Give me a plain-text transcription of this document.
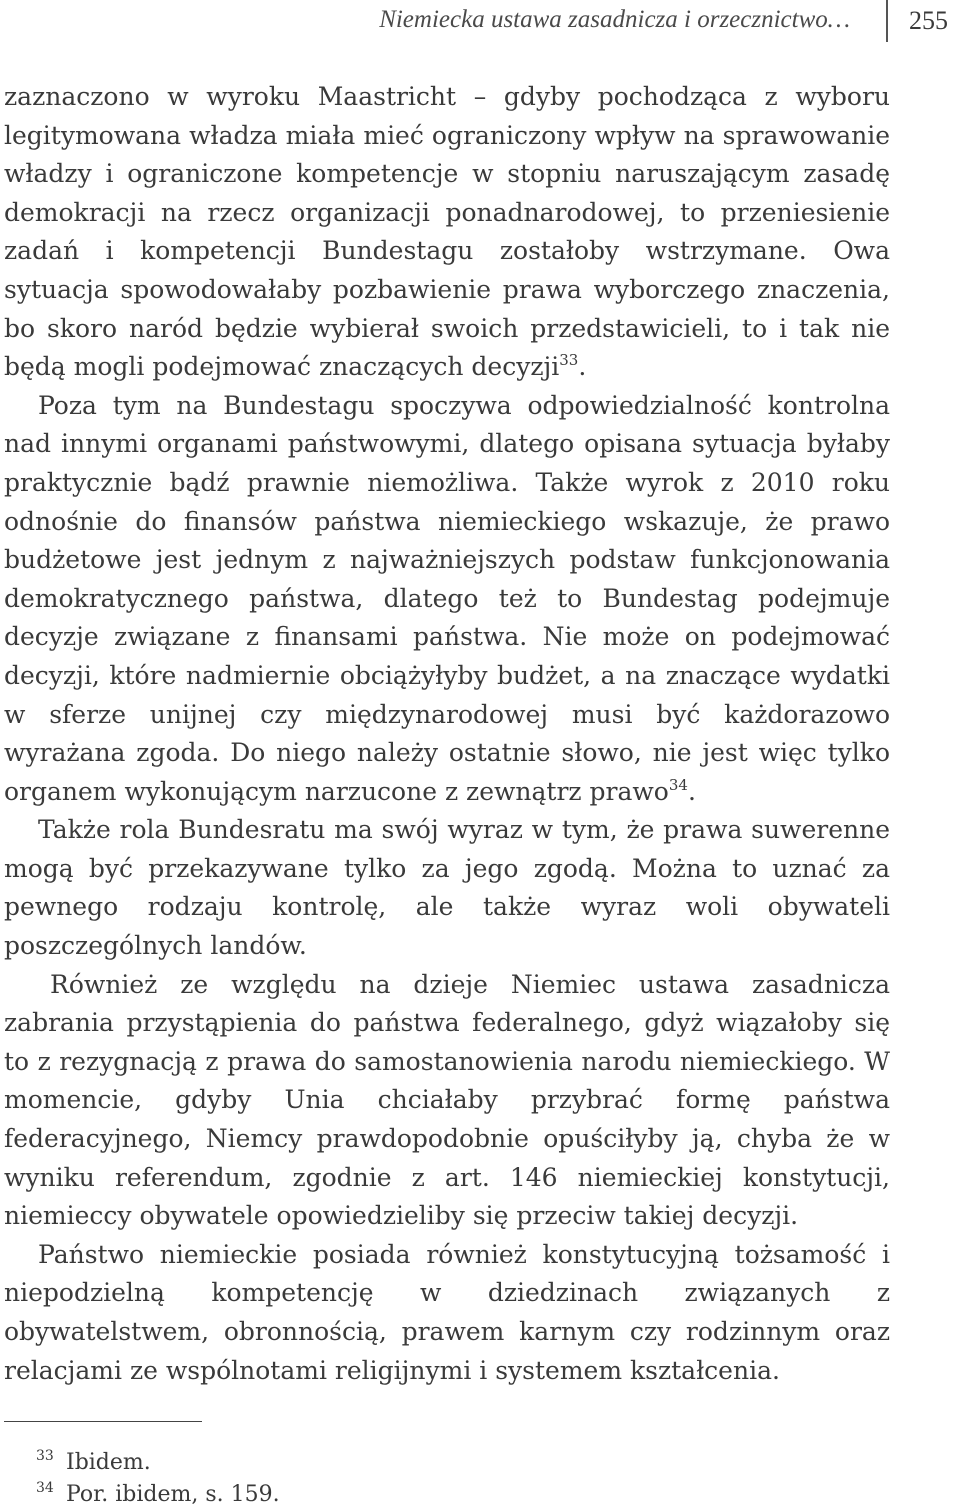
Niemiecka ustawa zasadnicza i orzecznictwo… 255

zaznaczono w wyroku Maastricht – gdyby pochodząca z wyboru legitymowana władza miała mieć ograniczony wpływ na sprawowanie władzy i ograniczone kompetencje w stopniu naruszającym zasadę demokracji na rzecz organizacji ponadnarodowej, to przeniesienie zadań i kompetencji Bundestagu zostałoby wstrzymane. Owa sytuacja spowodowałaby pozbawienie prawa wyborczego znaczenia, bo skoro naród będzie wybierał swoich przedstawicieli, to i tak nie będą mogli podejmować znaczących decyzji$^{33}$.

Poza tym na Bundestagu spoczywa odpowiedzialność kontrolna nad innymi organami państwowymi, dlatego opisana sytuacja byłaby praktycznie bądź prawnie niemożliwa. Także wyrok z 2010 roku odnośnie do finansów państwa niemieckiego wskazuje, że prawo budżetowe jest jednym z najważniejszych podstaw funkcjonowania demokratycznego państwa, dlatego też to Bundestag podejmuje decyzje związane z finansami państwa. Nie może on podejmować decyzji, które nadmiernie obciążyłyby budżet, a na znaczące wydatki w sferze unijnej czy międzynarodowej musi być każdorazowo wyrażana zgoda. Do niego należy ostatnie słowo, nie jest więc tylko organem wykonującym narzucone z zewnątrz prawo$^{34}$.

Także rola Bundesratu ma swój wyraz w tym, że prawa suwerenne mogą być przekazywane tylko za jego zgodą. Można to uznać za pewnego rodzaju kontrolę, ale także wyraz woli obywateli poszczególnych landów.

Również ze względu na dzieje Niemiec ustawa zasadnicza zabrania przystąpienia do państwa federalnego, gdyż wiązałoby się to z rezygnacją z prawa do samostanowienia narodu niemieckiego. W momencie, gdyby Unia chciałaby przybrać formę państwa federacyjnego, Niemcy prawdopodobnie opuściłyby ją, chyba że w wyniku referendum, zgodnie z art. 146 niemieckiej konstytucji, niemieccy obywatele opowiedzieliby się przeciw takiej decyzji.

Państwo niemieckie posiada również konstytucyjną tożsamość i niepodzielną kompetencję w dziedzinach związanych z obywatelstwem, obronnością, prawem karnym czy rodzinnym oraz relacjami ze wspólnotami religijnymi i systemem kształcenia.

33 Ibidem.

34 Por. ibidem, s. 159.
